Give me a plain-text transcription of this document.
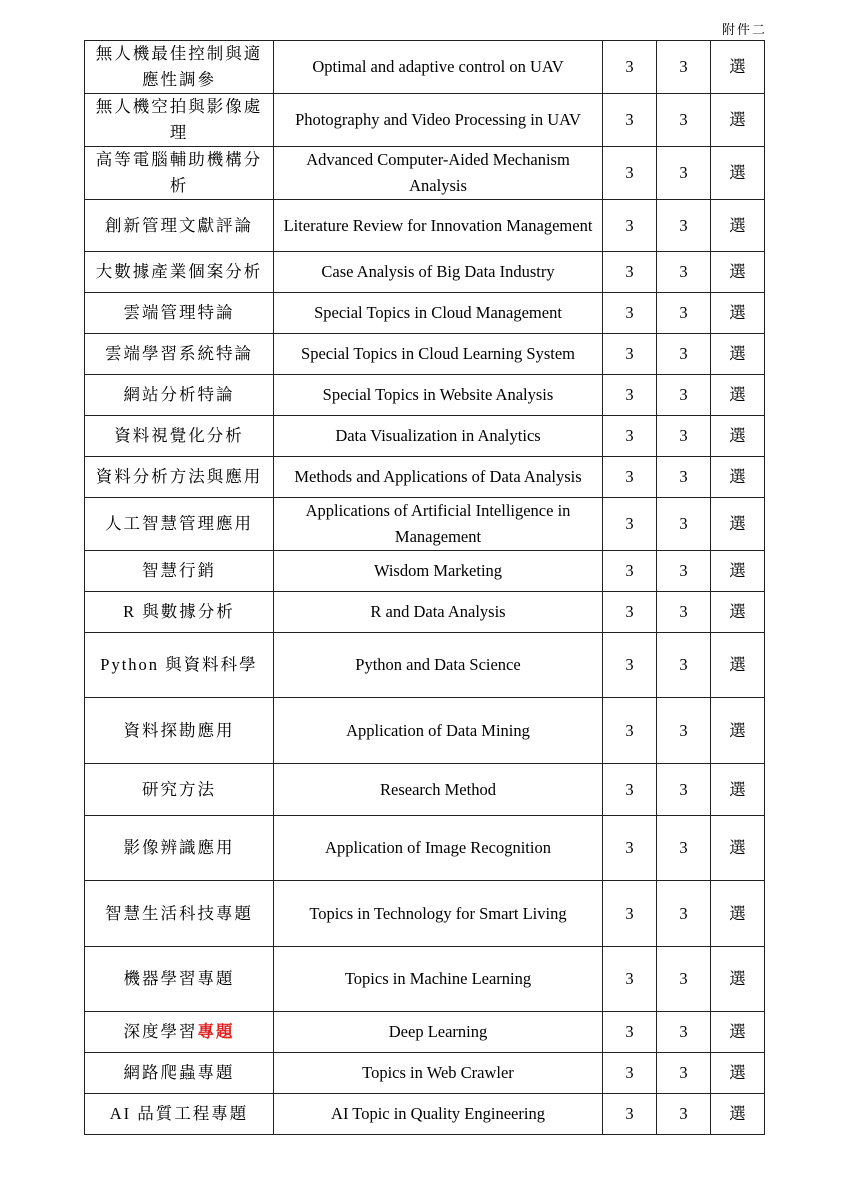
附件二
無人機最佳控制與適應性調參	Optimal and adaptive control on UAV	3	3	選
無人機空拍與影像處理	Photography and Video Processing in UAV	3	3	選
高等電腦輔助機構分析	Advanced Computer-Aided Mechanism Analysis	3	3	選
創新管理文獻評論	Literature Review for Innovation Management	3	3	選
大數據產業個案分析	Case Analysis of Big Data Industry	3	3	選
雲端管理特論	Special Topics in Cloud Management	3	3	選
雲端學習系統特論	Special Topics in Cloud Learning System	3	3	選
網站分析特論	Special Topics in Website Analysis	3	3	選
資料視覺化分析	Data Visualization in Analytics	3	3	選
資料分析方法與應用	Methods and Applications of Data Analysis	3	3	選
人工智慧管理應用	Applications of Artificial Intelligence in Management	3	3	選
智慧行銷	Wisdom Marketing	3	3	選
R 與數據分析	R and Data Analysis	3	3	選
Python 與資料科學	Python and Data Science	3	3	選
資料探勘應用	Application of Data Mining	3	3	選
研究方法	Research Method	3	3	選
影像辨識應用	Application of Image Recognition	3	3	選
智慧生活科技專題	Topics in Technology for Smart Living	3	3	選
機器學習專題	Topics in Machine Learning	3	3	選
深度學習專題	Deep Learning	3	3	選
網路爬蟲專題	Topics in Web Crawler	3	3	選
AI 品質工程專題	AI Topic in Quality Engineering	3	3	選
